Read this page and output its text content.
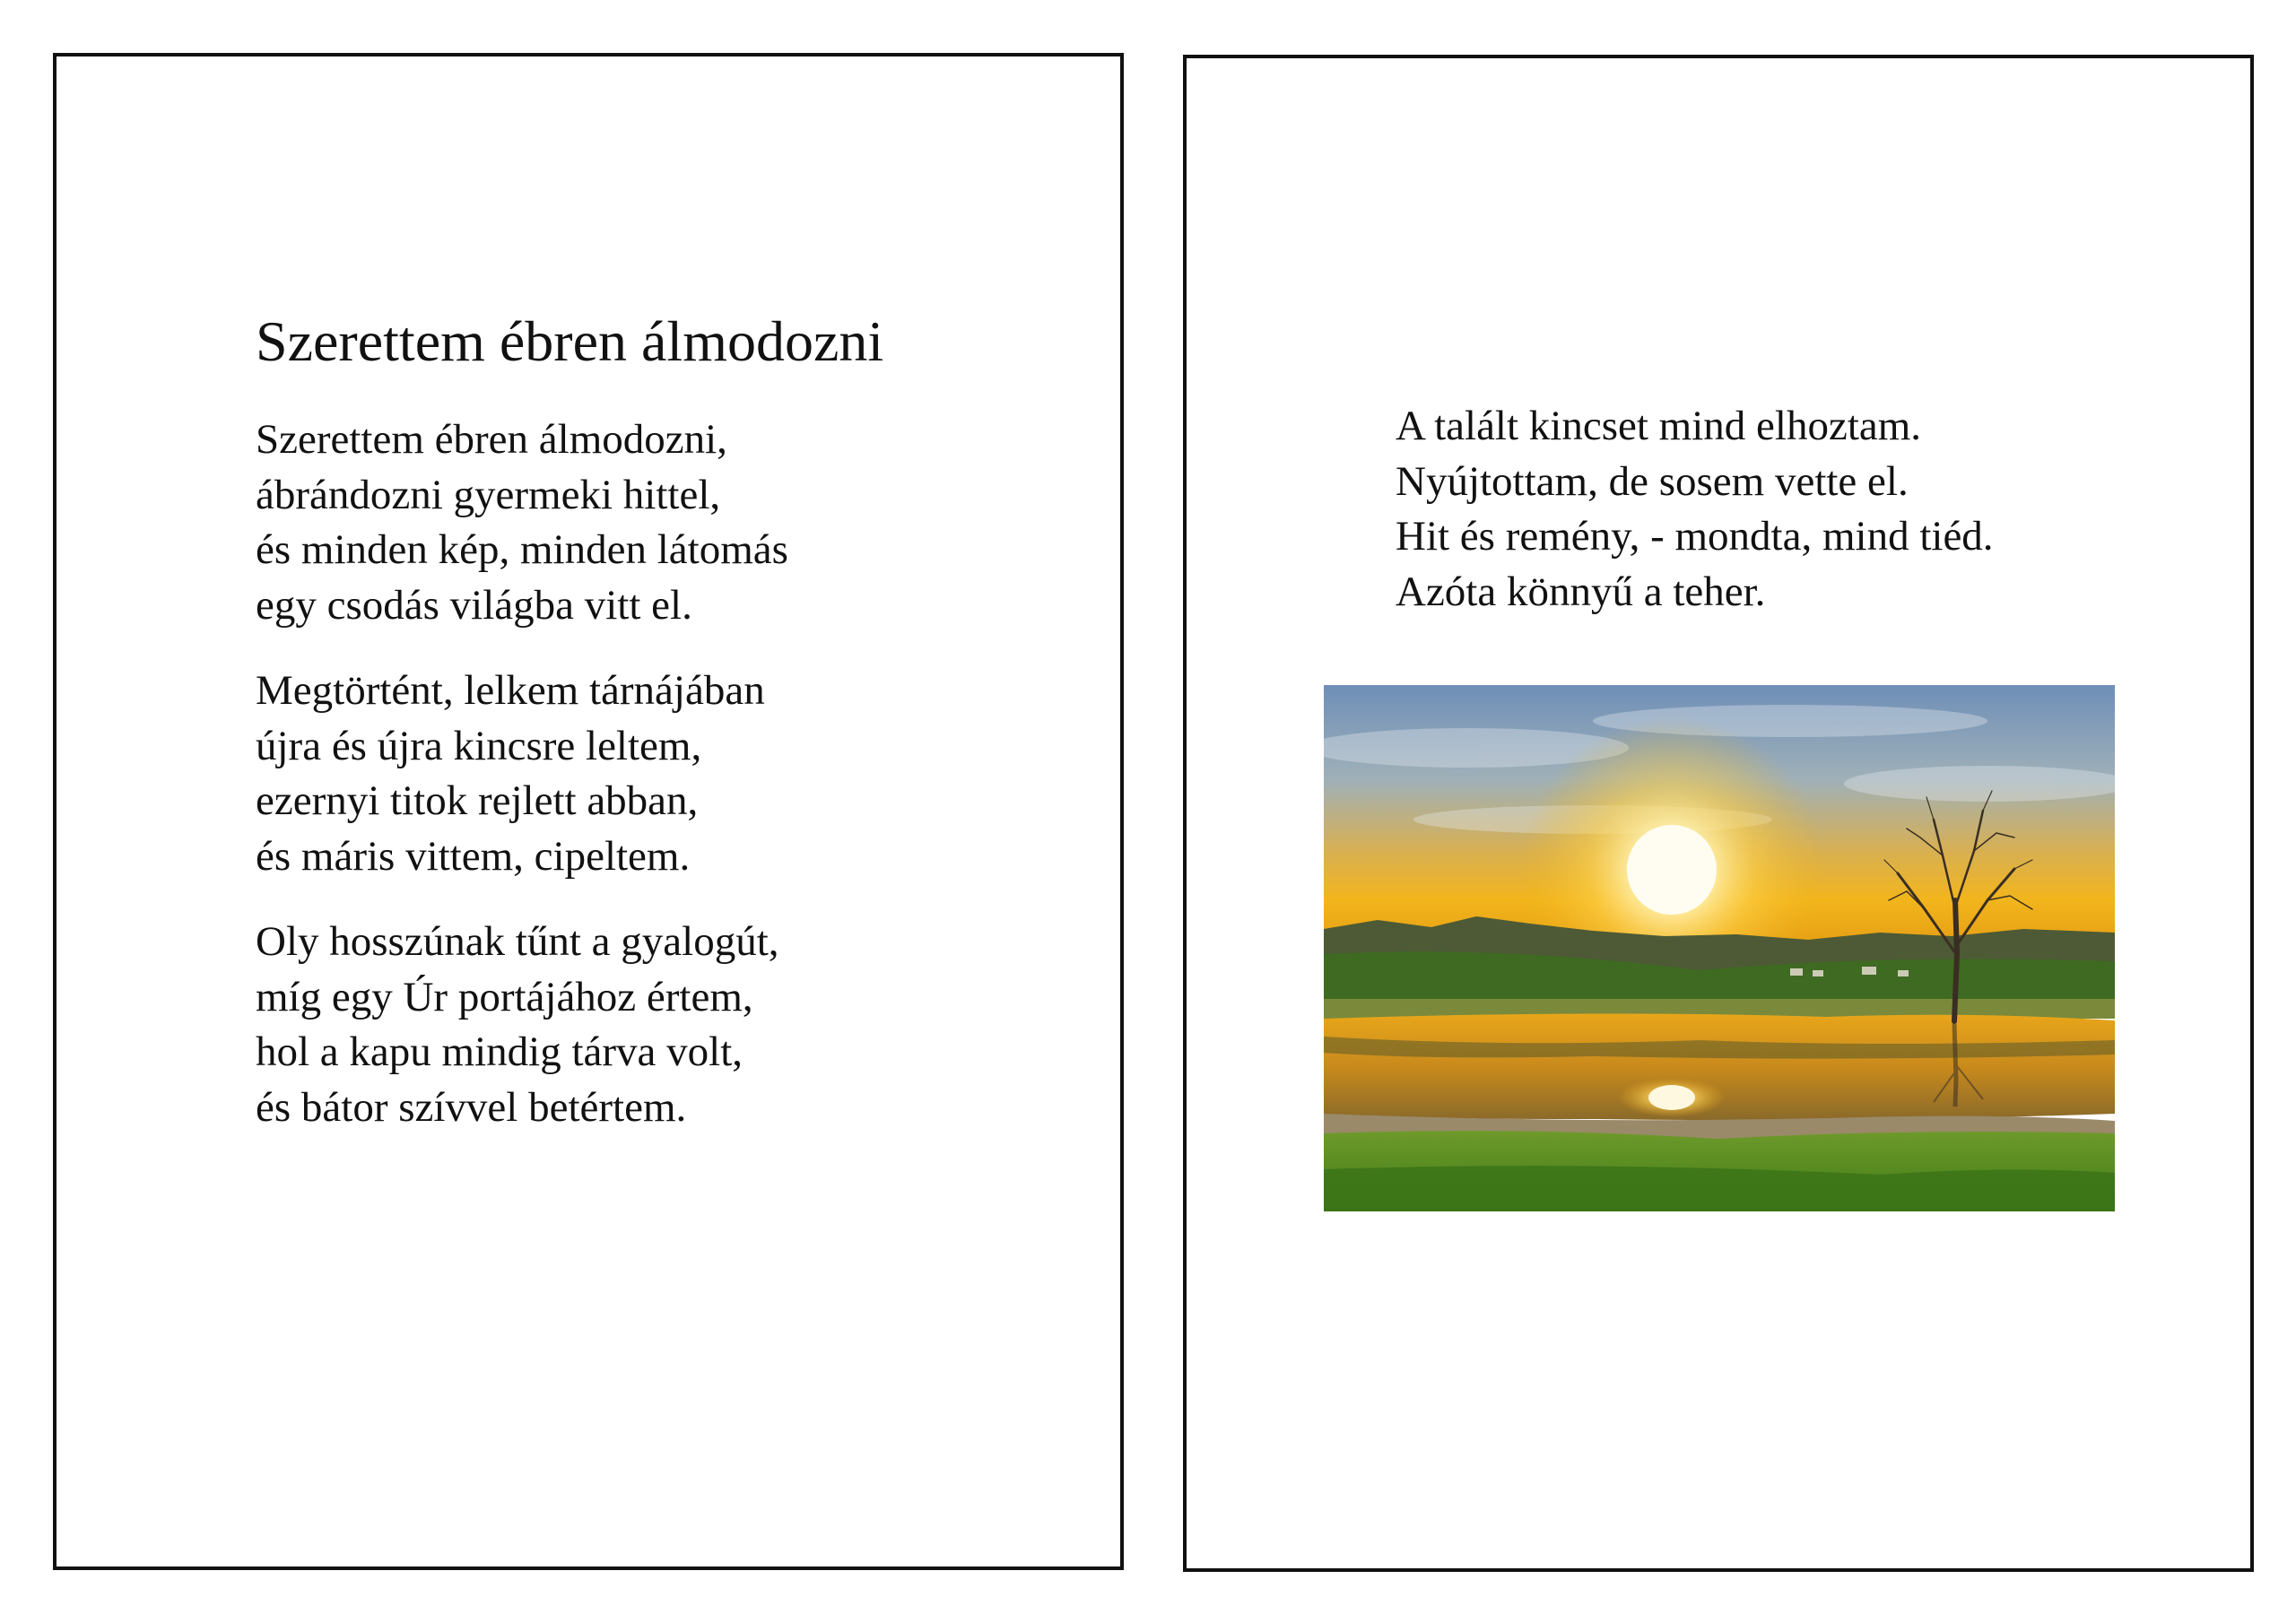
Szerettem ébren álmodozni

Szerettem ébren álmodozni,
ábrándozni gyermeki hittel,
és minden kép, minden látomás
egy csodás világba vitt el.

Megtörtént, lelkem tárnájában
újra és újra kincsre leltem,
ezernyi titok rejlett abban,
és máris vittem, cipeltem.

Oly hosszúnak tűnt a gyalogút,
míg egy Úr portájához értem,
hol a kapu mindig tárva volt,
és bátor szívvel betértem.

A talált kincset mind elhoztam.
Nyújtottam, de sosem vette el.
Hit és remény, - mondta, mind tiéd.
Azóta könnyű a teher.
